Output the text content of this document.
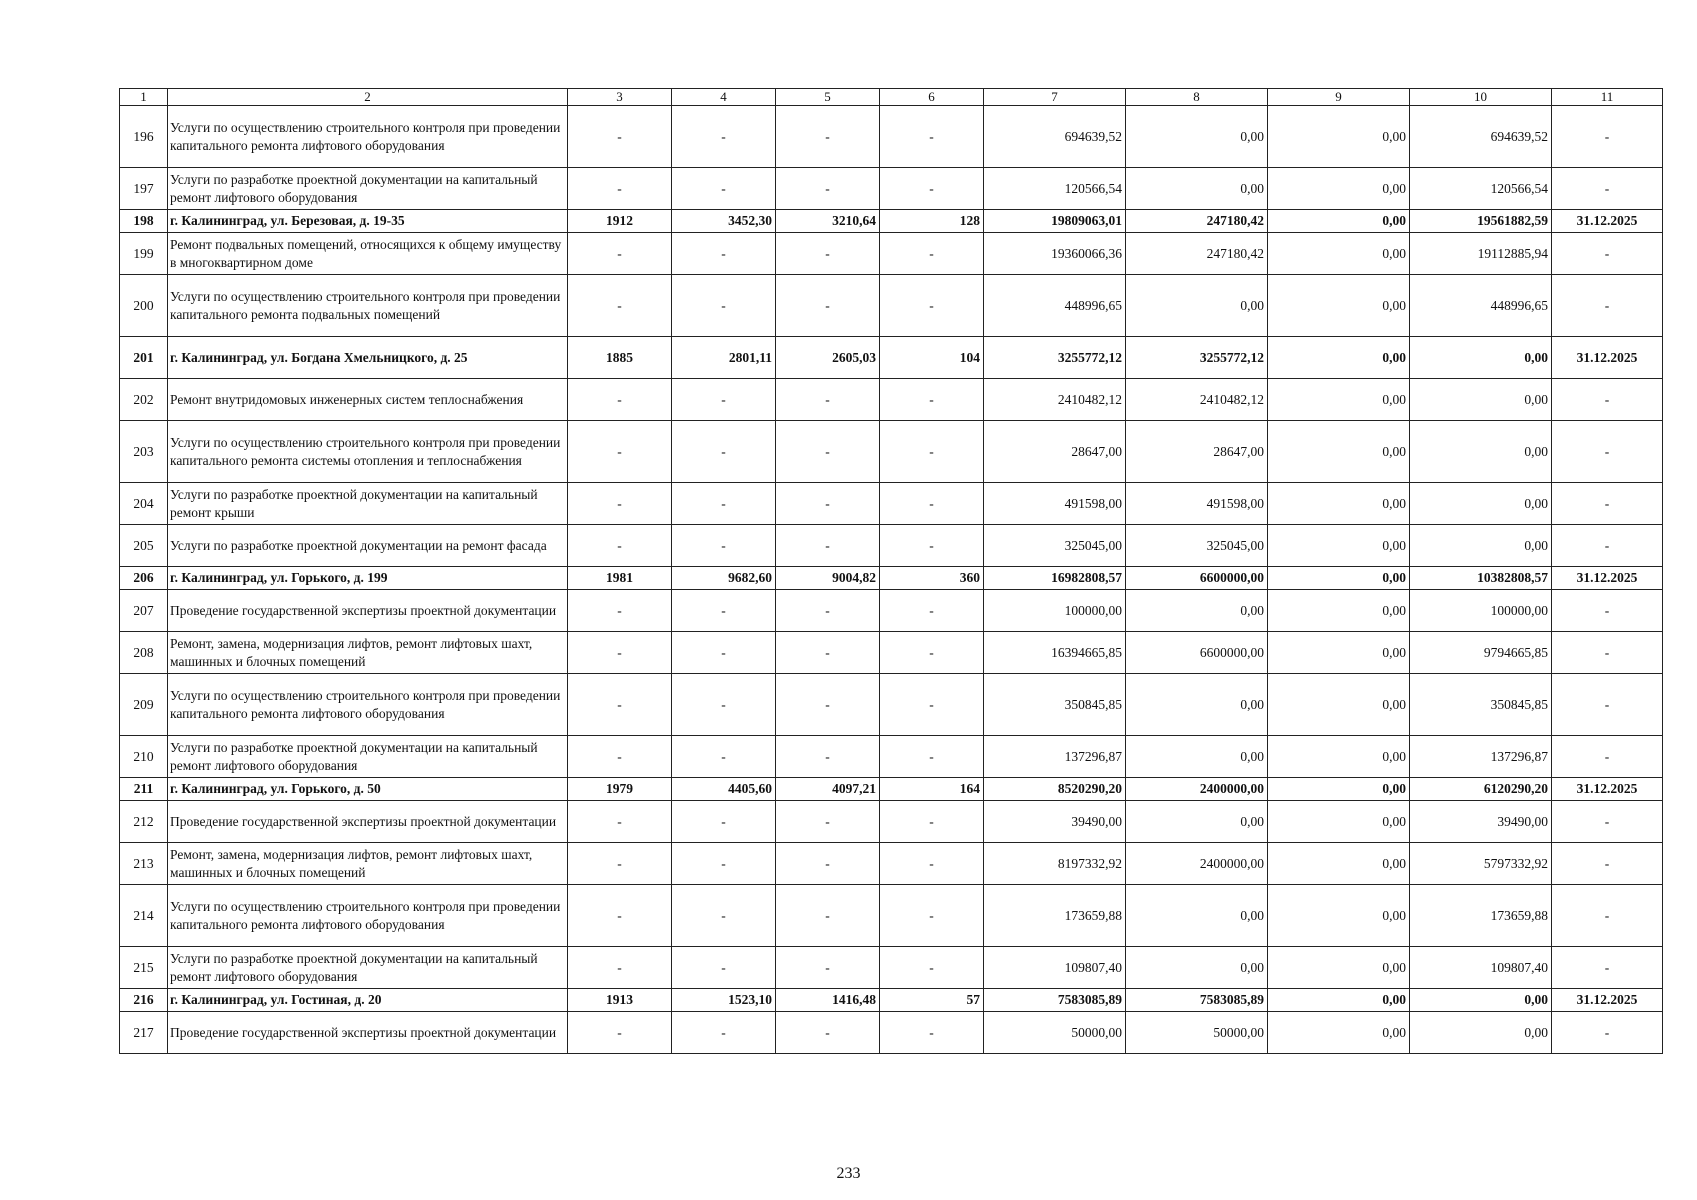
1	2	3	4	5	6	7	8	9	10	11
196	Услуги по осуществлению строительного контроля при проведении капитального ремонта лифтового оборудования	-	-	-	-	694639,52	0,00	0,00	694639,52	-
197	Услуги по разработке проектной документации на капитальный ремонт лифтового оборудования	-	-	-	-	120566,54	0,00	0,00	120566,54	-
198	г. Калининград, ул. Березовая, д. 19-35	1912	3452,30	3210,64	128	19809063,01	247180,42	0,00	19561882,59	31.12.2025
199	Ремонт подвальных помещений, относящихся к общему имуществу в многоквартирном доме	-	-	-	-	19360066,36	247180,42	0,00	19112885,94	-
200	Услуги по осуществлению строительного контроля при проведении капитального ремонта подвальных помещений	-	-	-	-	448996,65	0,00	0,00	448996,65	-
201	г. Калининград, ул. Богдана Хмельницкого, д. 25	1885	2801,11	2605,03	104	3255772,12	3255772,12	0,00	0,00	31.12.2025
202	Ремонт внутридомовых инженерных систем теплоснабжения	-	-	-	-	2410482,12	2410482,12	0,00	0,00	-
203	Услуги по осуществлению строительного контроля при проведении капитального ремонта системы отопления и теплоснабжения	-	-	-	-	28647,00	28647,00	0,00	0,00	-
204	Услуги по разработке проектной документации на капитальный ремонт крыши	-	-	-	-	491598,00	491598,00	0,00	0,00	-
205	Услуги по разработке проектной документации на ремонт фасада	-	-	-	-	325045,00	325045,00	0,00	0,00	-
206	г. Калининград, ул. Горького, д. 199	1981	9682,60	9004,82	360	16982808,57	6600000,00	0,00	10382808,57	31.12.2025
207	Проведение государственной экспертизы проектной документации	-	-	-	-	100000,00	0,00	0,00	100000,00	-
208	Ремонт, замена, модернизация лифтов, ремонт лифтовых шахт, машинных и блочных помещений	-	-	-	-	16394665,85	6600000,00	0,00	9794665,85	-
209	Услуги по осуществлению строительного контроля при проведении капитального ремонта лифтового оборудования	-	-	-	-	350845,85	0,00	0,00	350845,85	-
210	Услуги по разработке проектной документации на капитальный ремонт лифтового оборудования	-	-	-	-	137296,87	0,00	0,00	137296,87	-
211	г. Калининград, ул. Горького, д. 50	1979	4405,60	4097,21	164	8520290,20	2400000,00	0,00	6120290,20	31.12.2025
212	Проведение государственной экспертизы проектной документации	-	-	-	-	39490,00	0,00	0,00	39490,00	-
213	Ремонт, замена, модернизация лифтов, ремонт лифтовых шахт, машинных и блочных помещений	-	-	-	-	8197332,92	2400000,00	0,00	5797332,92	-
214	Услуги по осуществлению строительного контроля при проведении капитального ремонта лифтового оборудования	-	-	-	-	173659,88	0,00	0,00	173659,88	-
215	Услуги по разработке проектной документации на капитальный ремонт лифтового оборудования	-	-	-	-	109807,40	0,00	0,00	109807,40	-
216	г. Калининград, ул. Гостиная, д. 20	1913	1523,10	1416,48	57	7583085,89	7583085,89	0,00	0,00	31.12.2025
217	Проведение государственной экспертизы проектной документации	-	-	-	-	50000,00	50000,00	0,00	0,00	-
233
